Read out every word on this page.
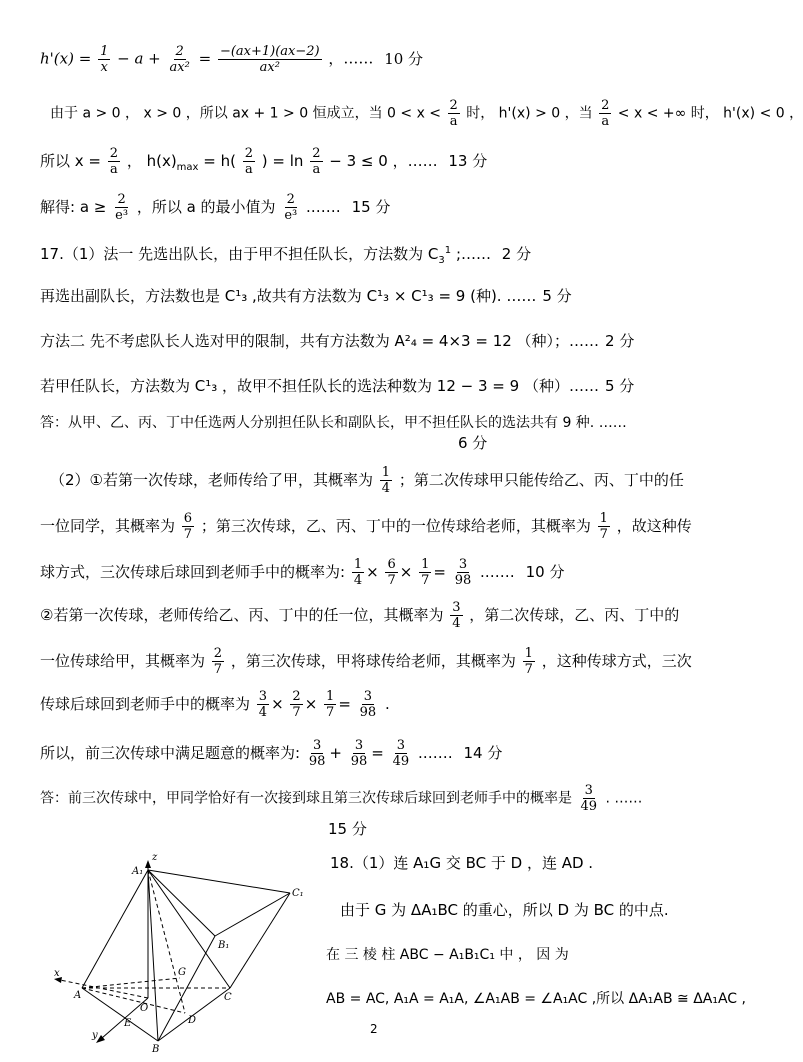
$h'(x) = \frac{1}{x} - a + \frac{2}{\text{ax²}} = \frac{-(ax+1)(ax-2)}{\text{ax²}}$ ，…… 10 分
由于 a > 0 ， x > 0 ，所以 ax + 1 > 0 恒成立，当 $0 < x < \frac{2}{a}$ 时， h'(x) > 0 ，当 $\frac{2}{a} < x$ < +∞ 时， h'(x) < 0 ，
所以 $x = \frac{2}{a}$ ， $h(x)_{max} = h( \frac{2}{a}$ ) = $\ln \frac{2}{a} - 3 \le 0$ ，…… 13 分
解得: $a \ge \frac{2}{\text{e³}}$ ，所以 a 的最小值为 $\frac{2}{\text{e³}}$ .…… 15 分
17.（1）法一 先选出队长，由于甲不担任队长，方法数为 $C_3^1$ ;…… 2 分
再选出副队长，方法数也是 C¹₃ ,故共有方法数为 C¹₃ × C¹₃ = 9 (种). …… 5 分
方法二 先不考虑队长人选对甲的限制，共有方法数为 A²₄ = 4×3 = 12 （种）；…… 2 分
若甲任队长，方法数为 C¹₃ ，故甲不担任队长的选法种数为 12 − 3 = 9 （种）…… 5 分
答：从甲、乙、丙、丁中任选两人分别担任队长和副队长，甲不担任队长的选法共有 9 种. ……
6 分
（2）①若第一次传球，老师传给了甲，其概率为 $\frac{1}{4}$ ；第二次传球甲只能传给乙、丙、丁中的任
一位同学，其概率为 $\frac{6}{7}$ ；第三次传球，乙、丙、丁中的一位传球给老师，其概率为 $\frac{1}{7}$ ，故这种传
球方式，三次传球后球回到老师手中的概率为: $\frac{1}{4} \times \frac{6}{7} \times \frac{1}{7} = \frac{3}{98}$ .…… 10 分
②若第一次传球，老师传给乙、丙、丁中的任一位，其概率为 $\frac{3}{4}$ ，第二次传球，乙、丙、丁中的
一位传球给甲，其概率为 $\frac{2}{7}$ ，第三次传球，甲将球传给老师，其概率为 $\frac{1}{7}$ ，这种传球方式，三次
传球后球回到老师手中的概率为 $\frac{3}{4} \times \frac{2}{7} \times \frac{1}{7} = \frac{3}{98}$ .
所以，前三次传球中满足题意的概率为: $\frac{3}{98} + \frac{3}{98} = \frac{3}{49}$ .…… 14 分
答：前三次传球中，甲同学恰好有一次接到球且第三次传球后球回到老师手中的概率是 $\frac{3}{49}$ . ……
15 分
18.（1）连 A₁G 交 BC 于 D ，连 AD .
由于 G 为 ΔA₁BC 的重心，所以 D 为 BC 的中点.
在 三 棱 柱 ABC − A₁B₁C₁ 中 ， 因 为
AB = AC, A₁A = A₁A, ∠A₁AB = ∠A₁AC ,所以 ΔA₁AB ≅ ΔA₁AC ,
2
z
A₁
C₁
B₁
G
x
A	C
O
E	D
y
B
